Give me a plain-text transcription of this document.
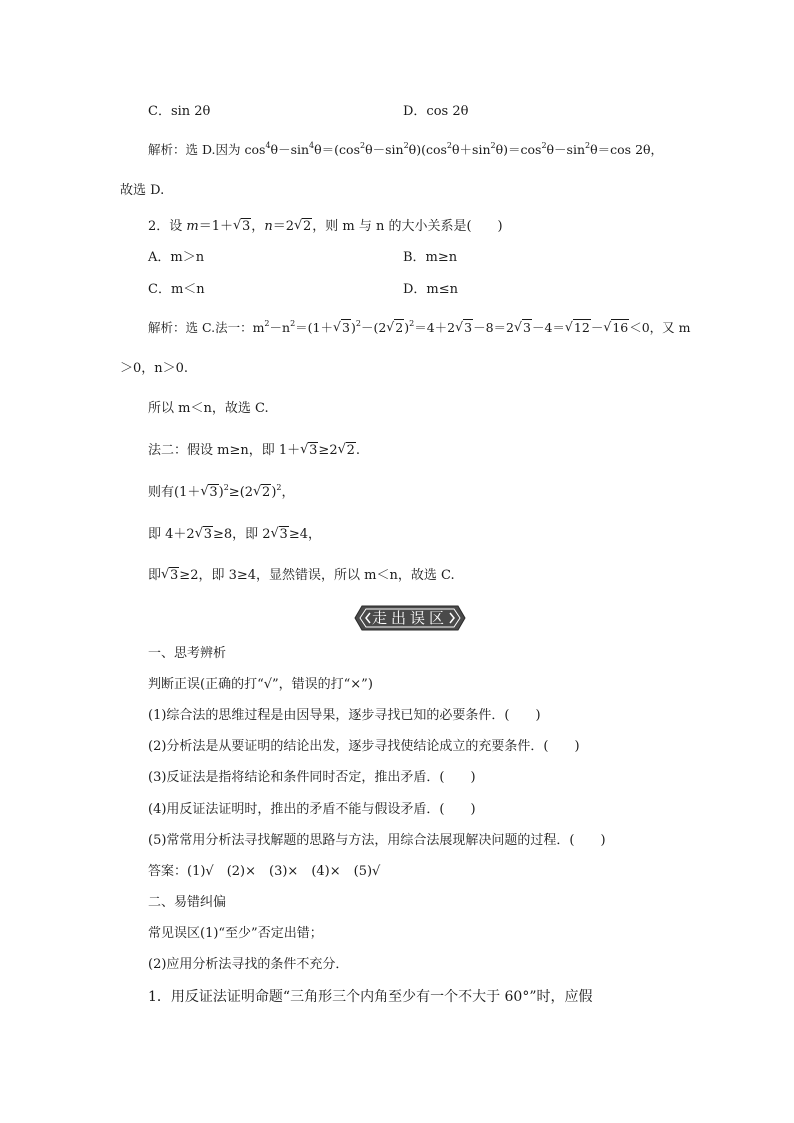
C．sin 2θ	D．cos 2θ
解析：选 D.因为 $\cos^4\theta-\sin^4\theta=(\cos^2\theta-\sin^2\theta)(\cos^2\theta+\sin^2\theta)=\cos^2\theta-\sin^2\theta=\cos$ 2θ，
故选 D.
2．设 m＝1＋√ 3，n＝2√ 2，则 m 与 n 的大小关系是(　　)
A．m＞n	B．m≥n
C．m＜n	D．m≤n
解析：选 C.法一：$m^2-n^2=(1+√$ 3)$^2$－(2√ 2)$^2$＝4＋2√ 3－8＝2√ 3－4＝√ 12－√ 16＜0，又 m
＞0，n＞0.
所以 m＜n，故选 C.
法二：假设 m≥n，即 1＋√ 3≥2√ 2.
则有(1＋√ 3)$^2$≥(2√ 2)$^2$，
即 4＋2√ 3≥8，即 2√ 3≥4，
即√ 3≥2，即 3≥4，显然错误，所以 m＜n，故选 C.
走出误区
一、思考辨析
判断正误(正确的打“√”，错误的打“×”)
(1)综合法的思维过程是由因导果，逐步寻找已知的必要条件．(　　)
(2)分析法是从要证明的结论出发，逐步寻找使结论成立的充要条件．(　　)
(3)反证法是指将结论和条件同时否定，推出矛盾．(　　)
(4)用反证法证明时，推出的矛盾不能与假设矛盾．(　　)
(5)常常用分析法寻找解题的思路与方法，用综合法展现解决问题的过程．(　　)
答案：(1)√　(2)×　(3)×　(4)×　(5)√
二、易错纠偏
常见误区(1)“至少”否定出错；
(2)应用分析法寻找的条件不充分．
1．用反证法证明命题“三角形三个内角至少有一个不大于 60°”时，应假
